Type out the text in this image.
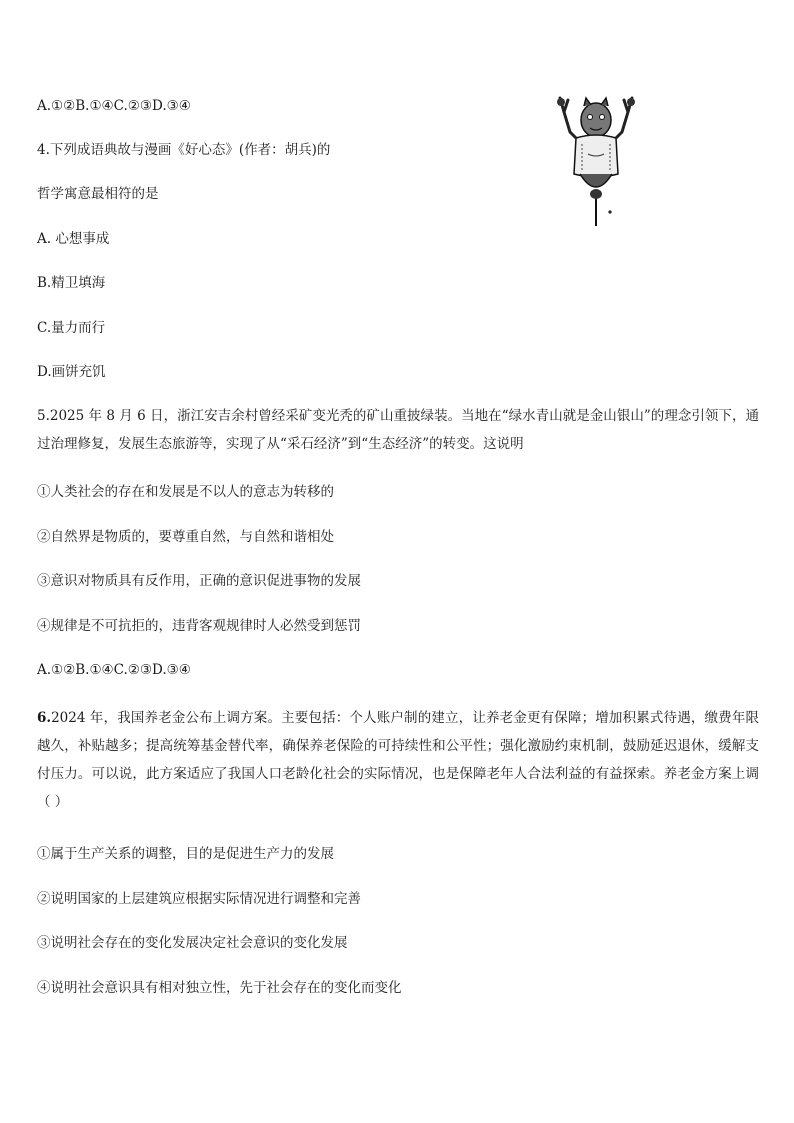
A.①②B.①④C.②③D.③④
4.下列成语典故与漫画《好心态》(作者：胡兵)的
哲学寓意最相符的是
A. 心想事成
B.精卫填海
C.量力而行
D.画饼充饥
5.2025 年 8 月 6 日，浙江安吉余村曾经采矿变光秃的矿山重披绿装。当地在“绿水青山就是金山银山”的理念引领下，通过治理修复，发展生态旅游等，实现了从“采石经济”到“生态经济”的转变。这说明
①人类社会的存在和发展是不以人的意志为转移的
②自然界是物质的，要尊重自然，与自然和谐相处
③意识对物质具有反作用，正确的意识促进事物的发展
④规律是不可抗拒的，违背客观规律时人必然受到惩罚
A.①②B.①④C.②③D.③④
6.2024 年，我国养老金公布上调方案。主要包括：个人账户制的建立，让养老金更有保障；增加积累式待遇，缴费年限越久，补贴越多；提高统筹基金替代率，确保养老保险的可持续性和公平性；强化激励约束机制，鼓励延迟退休，缓解支付压力。可以说，此方案适应了我国人口老龄化社会的实际情况，也是保障老年人合法利益的有益探索。养老金方案上调（ ）
①属于生产关系的调整，目的是促进生产力的发展
②说明国家的上层建筑应根据实际情况进行调整和完善
③说明社会存在的变化发展决定社会意识的变化发展
④说明社会意识具有相对独立性，先于社会存在的变化而变化
